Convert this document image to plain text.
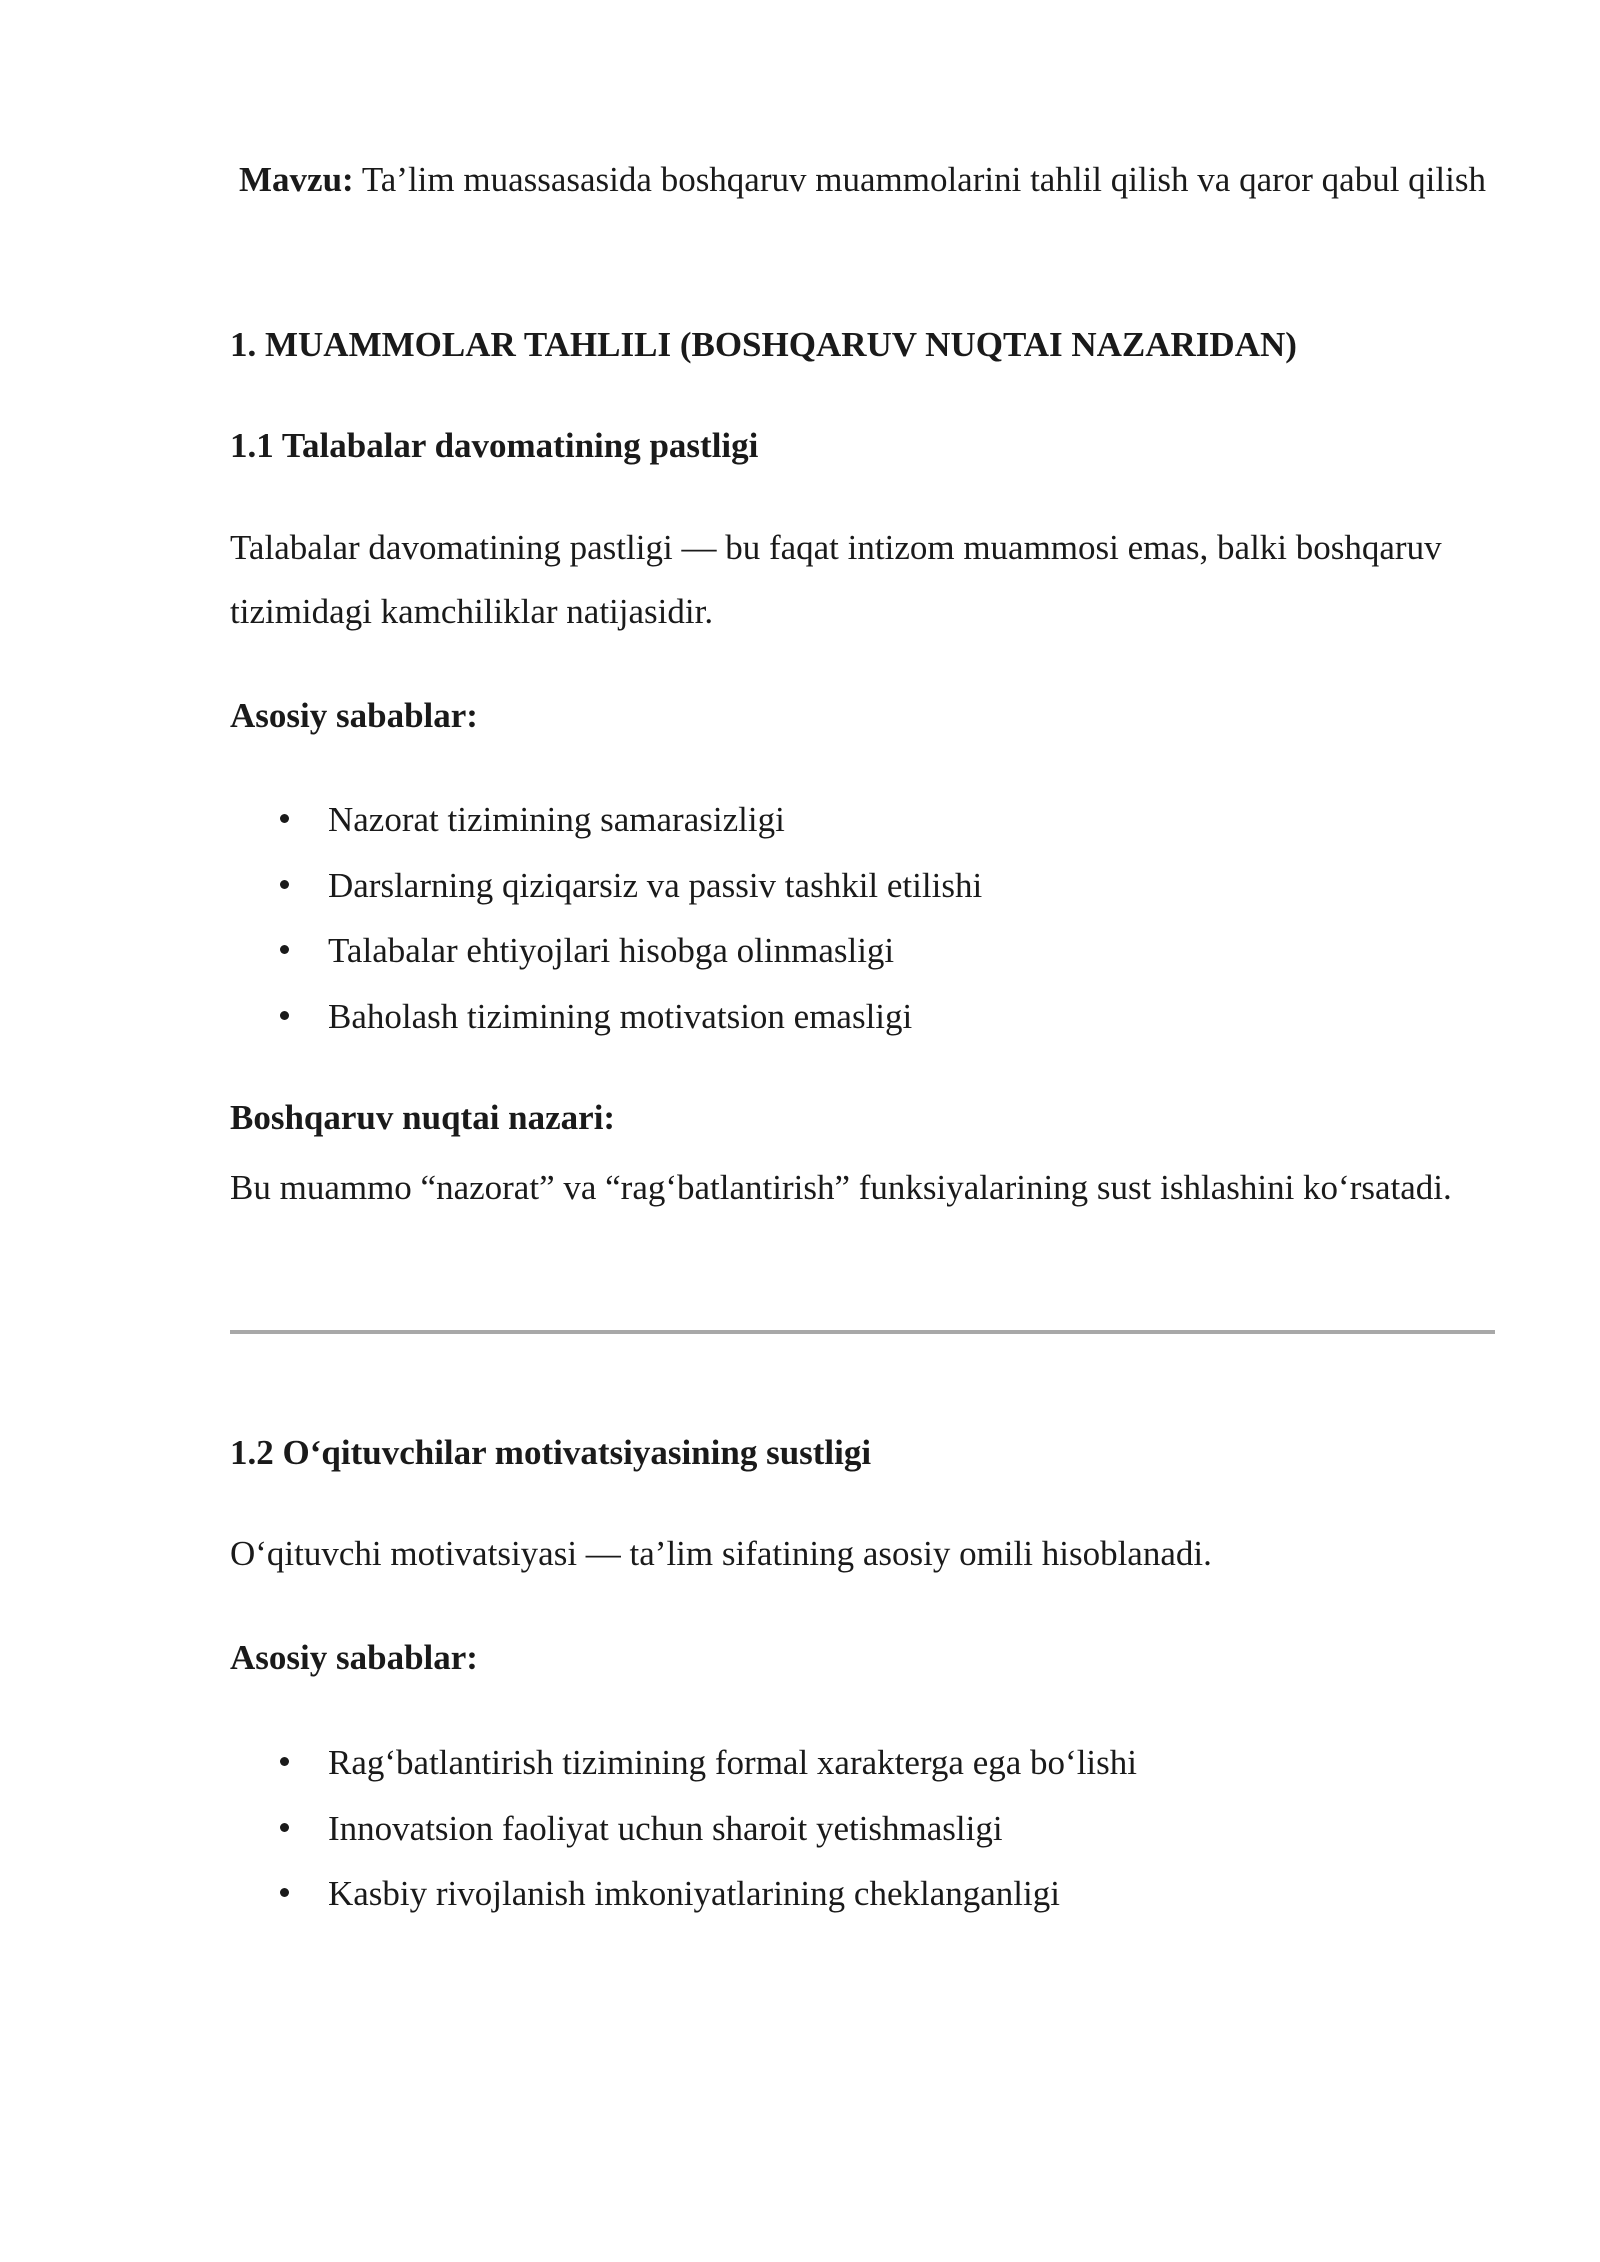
Mavzu: Ta’lim muassasasida boshqaruv muammolarini tahlil qilish va qaror qabul qilish
1. MUAMMOLAR TAHLILI (BOSHQARUV NUQTAI NAZARIDAN)
1.1 Talabalar davomatining pastligi
Talabalar davomatining pastligi — bu faqat intizom muammosi emas, balki boshqaruv tizimidagi kamchiliklar natijasidir.
Asosiy sabablar:
Nazorat tizimining samarasizligi
Darslarning qiziqarsiz va passiv tashkil etilishi
Talabalar ehtiyojlari hisobga olinmasligi
Baholash tizimining motivatsion emasligi
Boshqaruv nuqtai nazari:
Bu muammo “nazorat” va “rag‘batlantirish” funksiyalarining sust ishlashini ko‘rsatadi.
1.2 O‘qituvchilar motivatsiyasining sustligi
O‘qituvchi motivatsiyasi — ta’lim sifatining asosiy omili hisoblanadi.
Asosiy sabablar:
Rag‘batlantirish tizimining formal xarakterga ega bo‘lishi
Innovatsion faoliyat uchun sharoit yetishmasligi
Kasbiy rivojlanish imkoniyatlarining cheklanganligi
